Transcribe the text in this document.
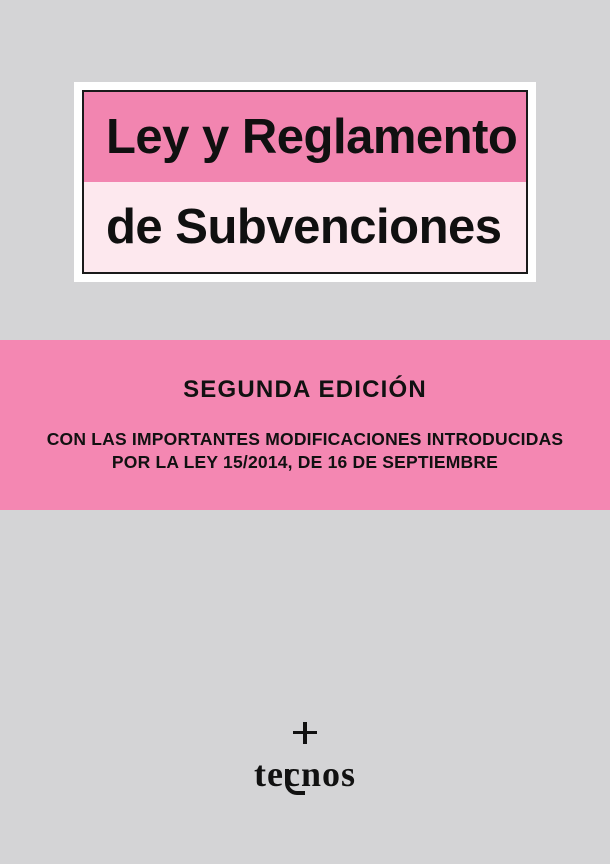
Ley y Reglamento
de Subvenciones
SEGUNDA EDICIÓN
CON LAS IMPORTANTES MODIFICACIONES INTRODUCIDAS
POR LA LEY 15/2014, DE 16 DE SEPTIEMBRE
tecnos
